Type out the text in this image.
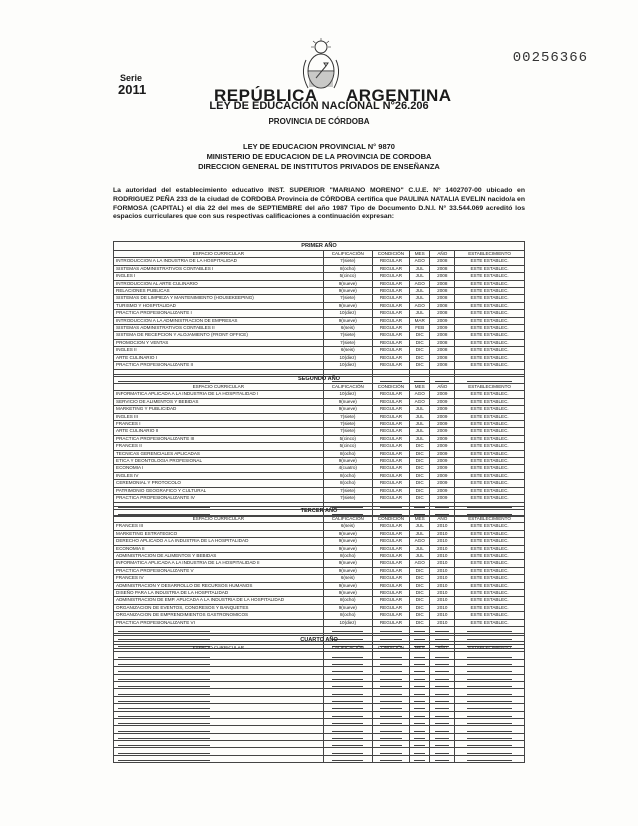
00256366
Serie
2011	REPÚBLICA ARGENTINA
LEY DE EDUCACIÓN NACIONAL N°26.206
PROVINCIA DE CÓRDOBA
LEY DE EDUCACION PROVINCIAL N° 9870
MINISTERIO DE EDUCACION DE LA PROVINCIA DE CORDOBA
DIRECCION GENERAL DE INSTITUTOS PRIVADOS DE ENSEÑANZA
La autoridad del establecimiento educativo INST. SUPERIOR "MARIANO MORENO" C.U.E. N° 1402707-00 ubicado en RODRIGUEZ PEÑA 233 de la ciudad de CORDOBA Provincia de CÓRDOBA certifica que PAULINA NATALIA EVELIN nacido/a en FORMOSA (CAPITAL) el día 22 del mes de SEPTIEMBRE del año 1987 Tipo de Documento D.N.I. N° 33.544.069 acreditó los espacios curriculares que con sus respectivas calificaciones a continuación expresan:
PRIMER AÑO					
ESPACIO CURRICULAR	CALIFICACIÓN	CONDICIÓN	MES	AÑO	ESTABLECIMIENTO
INTRODUCCION A LA INDUSTRIA DE LA HOSPITALIDAD	7(siete)	REGULAR	AGO	2008	ESTE ESTABLEC.
SISTEMAS ADMINISTRATIVOS CONTABLES I	8(ocho)	REGULAR	JUL	2008	ESTE ESTABLEC.
INGLES I	5(cinco)	REGULAR	JUL	2008	ESTE ESTABLEC.
INTRODUCCION AL ARTE CULINARIO	9(nueve)	REGULAR	AGO	2008	ESTE ESTABLEC.
RELACIONES PUBLICAS	9(nueve)	REGULAR	JUL	2008	ESTE ESTABLEC.
SISTEMAS DE LIMPIEZA Y MANTENIMIENTO (HOUSEKEEPING)	7(siete)	REGULAR	JUL	2008	ESTE ESTABLEC.
TURISMO Y HOSPITALIDAD	9(nueve)	REGULAR	AGO	2008	ESTE ESTABLEC.
PRACTICA PROFESIONALIZANTE I	10(diez)	REGULAR	JUL	2008	ESTE ESTABLEC.
INTRODUCCION A LA ADMINISTRACION DE EMPRESAS	9(nueve)	REGULAR	MAR	2009	ESTE ESTABLEC.
SISTEMAS ADMINISTRATIVOS CONTABLES II	6(seis)	REGULAR	FEB	2009	ESTE ESTABLEC.
SISTEMA DE RECEPCION Y ALOJAMIENTO (FRONT OFFICE)	7(siete)	REGULAR	DIC	2008	ESTE ESTABLEC.
PROMOCION Y VENTAS	7(siete)	REGULAR	DIC	2008	ESTE ESTABLEC.
INGLES II	6(seis)	REGULAR	DIC	2008	ESTE ESTABLEC.
ARTE CULINARIO I	10(diez)	REGULAR	DIC	2008	ESTE ESTABLEC.
PRACTICA PROFESIONALIZANTE II	10(diez)	REGULAR	DIC	2008	ESTE ESTABLEC.

SEGUNDO AÑO					
ESPACIO CURRICULAR	CALIFICACIÓN	CONDICIÓN	MES	AÑO	ESTABLECIMIENTO
INFORMATICA APLICADA A LA INDUSTRIA DE LA HOSPITALIDAD I	10(diez)	REGULAR	AGO	2009	ESTE ESTABLEC.
SERVICIO DE ALIMENTOS Y BEBIDAS	9(nueve)	REGULAR	AGO	2009	ESTE ESTABLEC.
MARKETING Y PUBLICIDAD	9(nueve)	REGULAR	JUL	2009	ESTE ESTABLEC.
INGLES III	7(siete)	REGULAR	JUL	2009	ESTE ESTABLEC.
FRANCES I	7(siete)	REGULAR	JUL	2009	ESTE ESTABLEC.
ARTE CULINARIO II	7(siete)	REGULAR	JUL	2009	ESTE ESTABLEC.
PRACTICA PROFESIONALIZANTE III	5(cinco)	REGULAR	JUL	2009	ESTE ESTABLEC.
FRANCES II	5(cinco)	REGULAR	DIC	2009	ESTE ESTABLEC.
TECNICAS GERENCIALES APLICADAS	8(ocho)	REGULAR	DIC	2009	ESTE ESTABLEC.
ETICA Y DEONTOLOGIA PROFESIONAL	9(nueve)	REGULAR	DIC	2009	ESTE ESTABLEC.
ECONOMIA I	4(cuatro)	REGULAR	DIC	2009	ESTE ESTABLEC.
INGLES IV	8(ocho)	REGULAR	DIC	2009	ESTE ESTABLEC.
CEREMONIAL Y PROTOCOLO	8(ocho)	REGULAR	DIC	2009	ESTE ESTABLEC.
PATRIMONIO GEOGRAFICO Y CULTURAL	7(siete)	REGULAR	DIC	2009	ESTE ESTABLEC.
PRACTICA PROFESIONALIZANTE IV	7(siete)	REGULAR	DIC	2009	ESTE ESTABLEC.

TERCER AÑO					
ESPACIO CURRICULAR	CALIFICACIÓN	CONDICIÓN	MES	AÑO	ESTABLECIMIENTO
FRANCES III	6(seis)	REGULAR	JUL	2010	ESTE ESTABLEC.
MARKETING ESTRATEGICO	9(nueve)	REGULAR	JUL	2010	ESTE ESTABLEC.
DERECHO APLICADO A LA INDUSTRIA DE LA HOSPITALIDAD	9(nueve)	REGULAR	AGO	2010	ESTE ESTABLEC.
ECONOMIA II	9(nueve)	REGULAR	JUL	2010	ESTE ESTABLEC.
ADMINISTRACION DE ALIMENTOS Y BEBIDAS	8(ocho)	REGULAR	JUL	2010	ESTE ESTABLEC.
INFORMATICA APLICADA A LA INDUSTRIA DE LA HOSPITALIDAD II	9(nueve)	REGULAR	AGO	2010	ESTE ESTABLEC.
PRACTICA PROFESIONALIZANTE V	9(nueve)	REGULAR	DIC	2010	ESTE ESTABLEC.
FRANCES IV	6(seis)	REGULAR	DIC	2010	ESTE ESTABLEC.
ADMINISTRACION Y DESARROLLO DE RECURSOS HUMANOS	9(nueve)	REGULAR	DIC	2010	ESTE ESTABLEC.
DISEÑO PARA LA INDUSTRIA DE LA HOSPITALIDAD	9(nueve)	REGULAR	DIC	2010	ESTE ESTABLEC.
ADMINISTRACION DE EMP. APLICADA A LA INDUSTRIA DE LA HOSPITALIDAD	8(ocho)	REGULAR	DIC	2010	ESTE ESTABLEC.
ORGANIZACION DE EVENTOS, CONGRESOS Y BANQUETES	9(nueve)	REGULAR	DIC	2010	ESTE ESTABLEC.
ORGANIZACION DE EMPRENDIMIENTOS GASTRONOMICOS	8(ocho)	REGULAR	DIC	2010	ESTE ESTABLEC.
PRACTICA PROFESIONALIZANTE VI	10(diez)	REGULAR	DIC	2010	ESTE ESTABLEC.

CUARTO AÑO					
ESPACIO CURRICULAR	CALIFICACIÓN	CONDICIÓN	MES	AÑO	ESTABLECIMIENTO
